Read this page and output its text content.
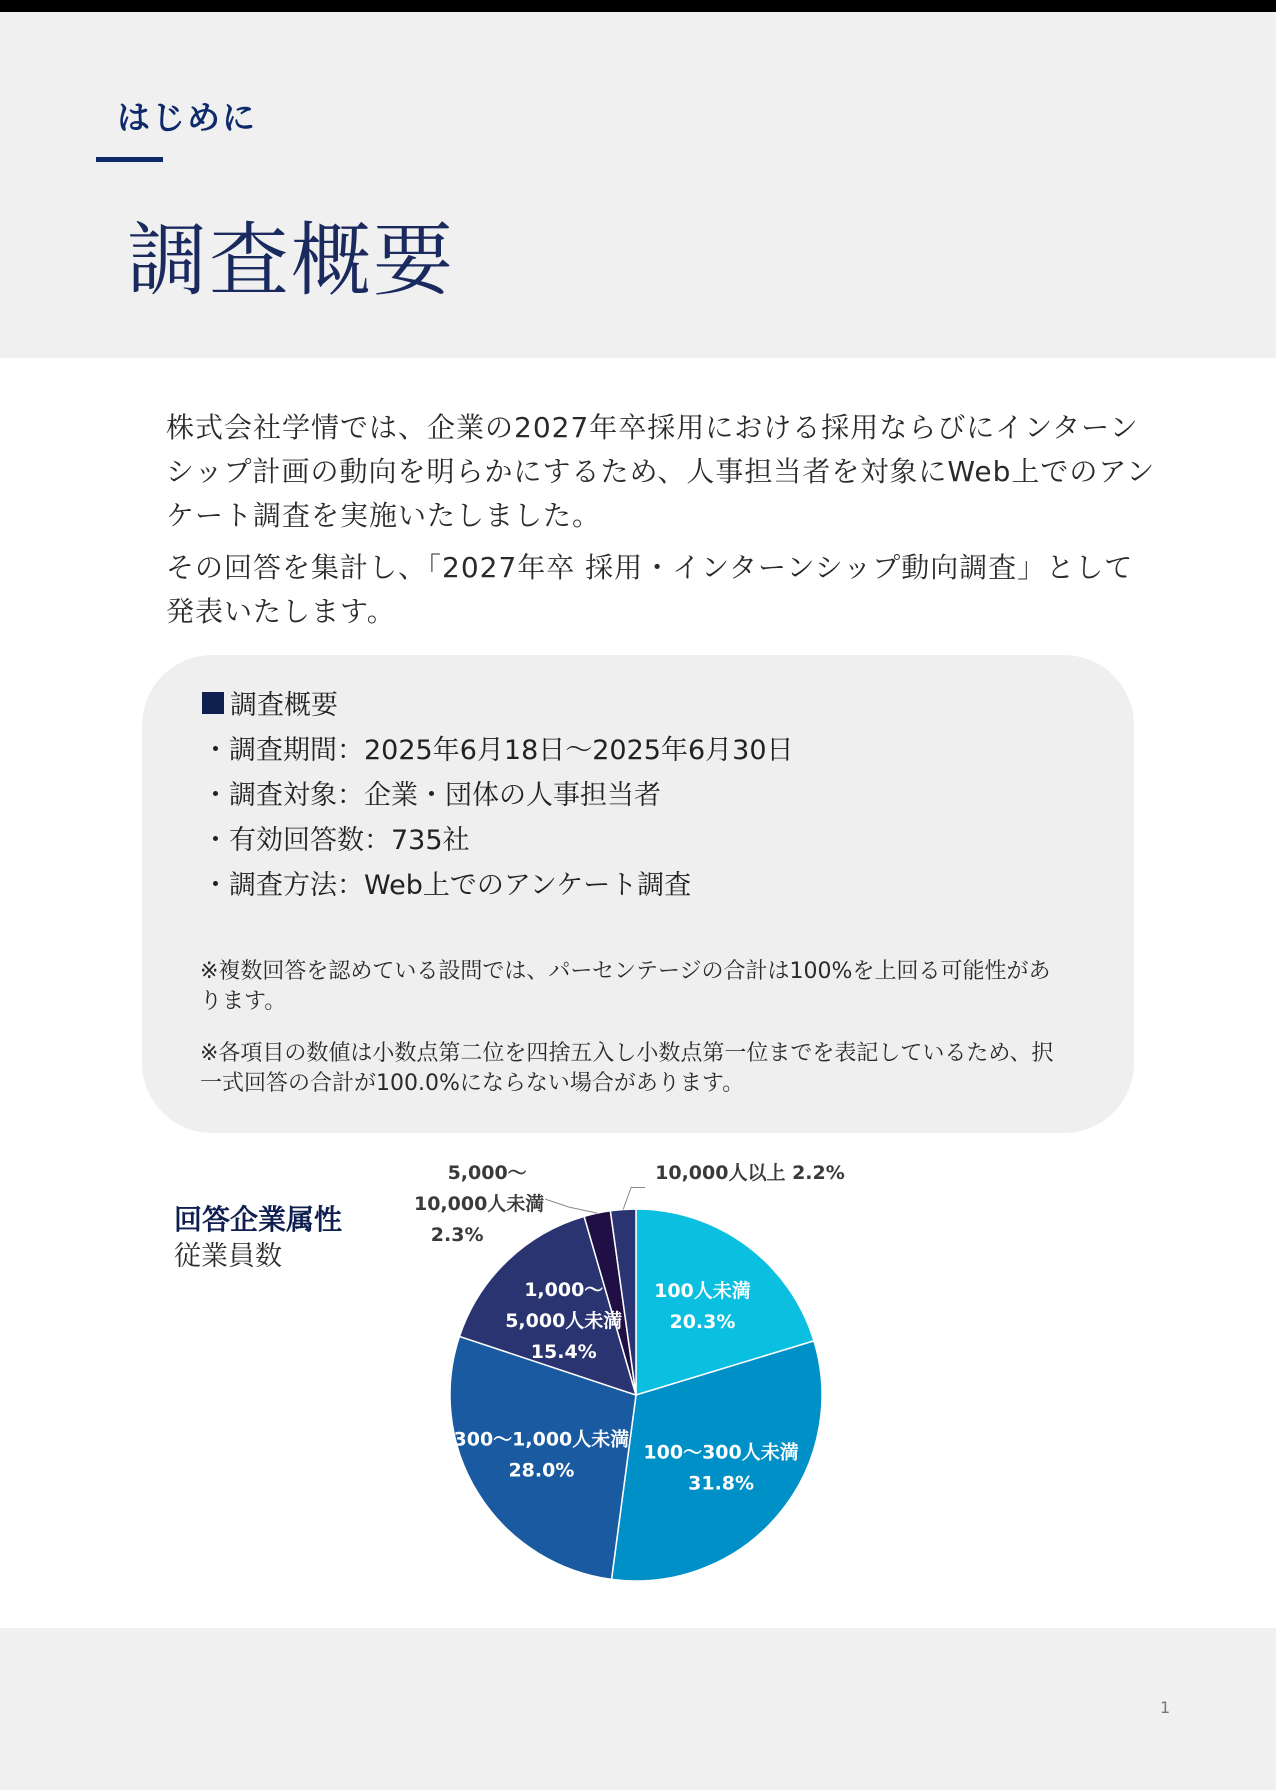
はじめに
調査概要

株式会社学情では、企業の2027年卒採用における採用ならびにインターンシップ計画の動向を明らかにするため、人事担当者を対象にWeb上でのアンケート調査を実施いたしました。

その回答を集計し、「2027年卒 採用・インターンシップ動向調査」として発表いたします。

調査概要
・調査期間：2025年6月18日～2025年6月30日
・調査対象：企業・団体の人事担当者
・有効回答数：735社
・調査方法：Web上でのアンケート調査
※複数回答を認めている設問では、パーセンテージの合計は100%を上回る可能性があります。
※各項目の数値は小数点第二位を四捨五入し小数点第一位までを表記しているため、択一式回答の合計が100.0%にならない場合があります。
回答企業属性
従業員数
100人未満
20.3%
100～300人未満
31.8%
300～1,000人未満
28.0%
1,000～
5,000人未満
15.4%
5,000～
10,000人未満
2.3%
10,000人以上 2.2%
1
